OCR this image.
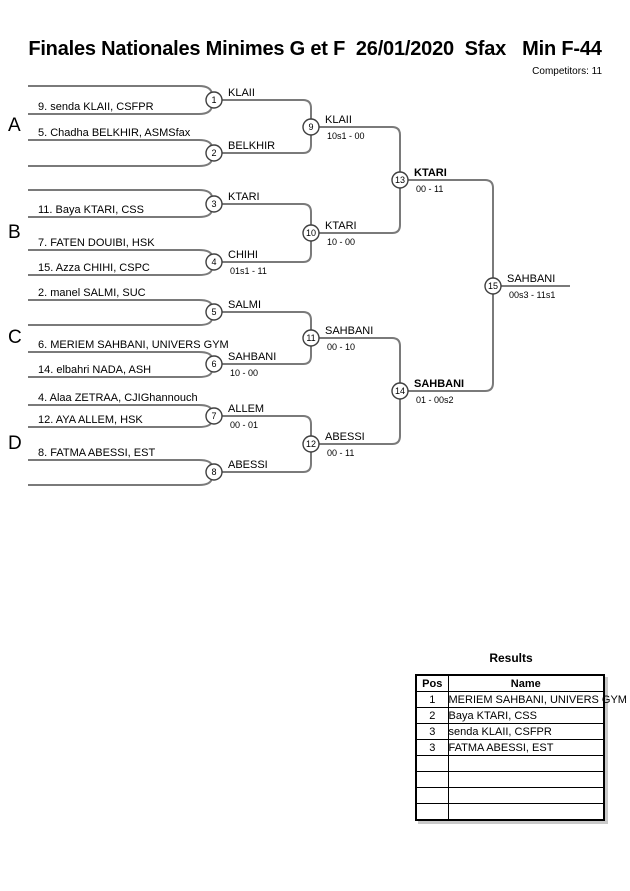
Finales Nationales Minimes G et F  26/01/2020  Sfax   Min F-44
Competitors: 11
A
B
C
D
9. senda KLAII, CSFPR
5. Chadha BELKHIR, ASMSfax
11. Baya KTARI, CSS
7. FATEN DOUIBI, HSK
15. Azza CHIHI, CSPC
2. manel SALMI, SUC
6. MERIEM SAHBANI, UNIVERS GYM
14. elbahri NADA, ASH
4. Alaa ZETRAA, CJIGhannouch
12. AYA ALLEM, HSK
8. FATMA ABESSI, EST
1
2
3
4
5
6
7
8
9
10
11
12
13
14
15
KLAII
BELKHIR
KTARI
CHIHI
SALMI
SAHBANI
ALLEM
ABESSI
KLAII
KTARI
SAHBANI
ABESSI
KTARI
SAHBANI
SAHBANI
01s1 - 11
10 - 00
00 - 01
10s1 - 00
10 - 00
00 - 10
00 - 11
00 - 11
01 - 00s2
00s3 - 11s1
Results
Pos	Name
1	MERIEM SAHBANI, UNIVERS GYM
2	Baya KTARI, CSS
3	senda KLAII, CSFPR
3	FATMA ABESSI, EST
